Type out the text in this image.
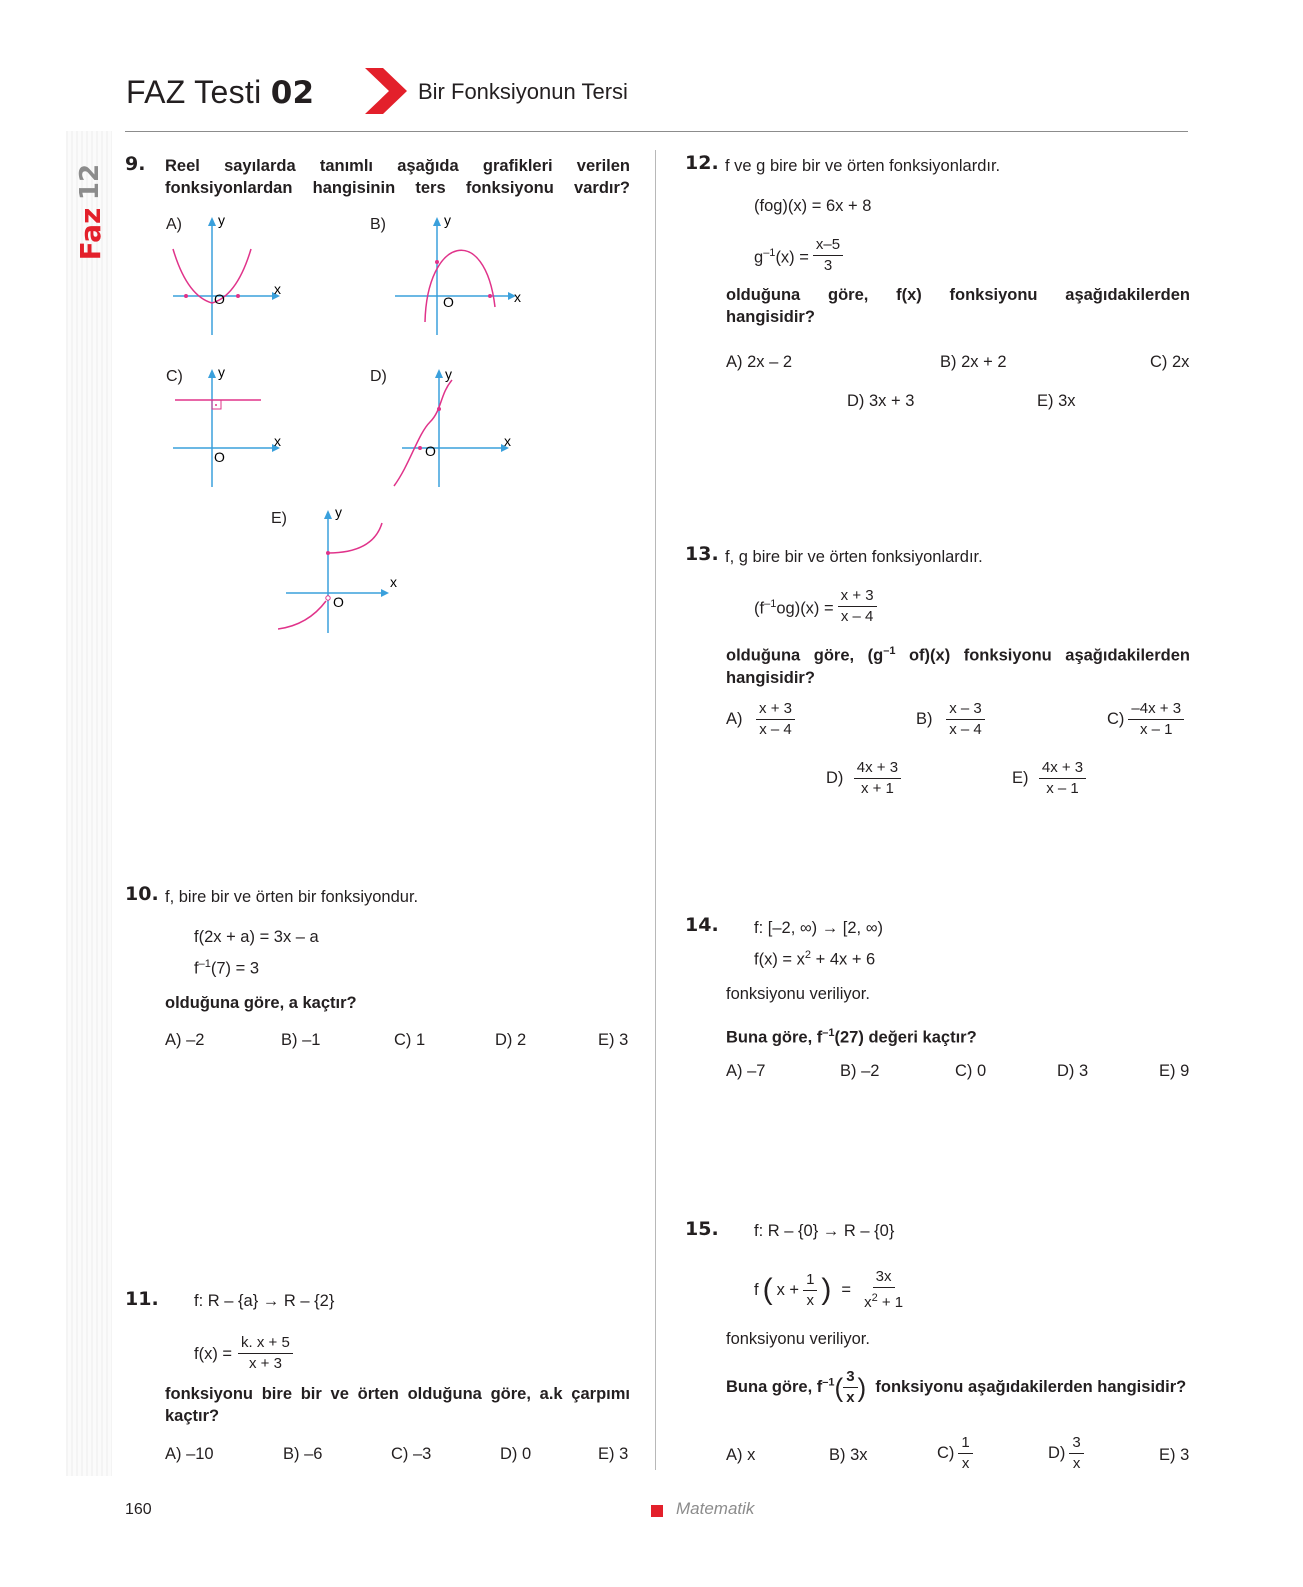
FAZ Testi 02	Bir Fonksiyonun Tersi
12
Faz
9. Reel sayılarda tanımlı aşağıda grafikleri verilen fonksiyonlardan hangisinin ters fonksiyonu vardır?
A)
x
y
O
B)
x
y
O
C)
x
y
O
D)
x
y
O
E)
x
y
O
10. f, bire bir ve örten bir fonksiyondur.
f(2x + a) = 3x – a
$f^{-1}(7) = 3$
olduğuna göre, a kaçtır?
A) –2	B) –1	C) 1	D) 2	E) 3
11. f: R – {a} → R – {2}
$f(x) = \frac{k. x + 5}{x + 3}$
fonksiyonu bire bir ve örten olduğuna göre, a.k çarpımı kaçtır?
A) –10	B) –6	C) –3	D) 0	E) 3
12. f ve g bire bir ve örten fonksiyonlardır.
(fog)(x) = 6x + 8
$g^{-1}(x) = \frac{x-5}{3}$
olduğuna göre, f(x) fonksiyonu aşağıdakilerden hangisidir?
A) 2x – 2	B) 2x + 2	C) 2x
D) 3x + 3	E) 3x
13. f, g bire bir ve örten fonksiyonlardır.
$(f^{-1}og)(x) = \frac{x + 3}{x - 4}$
olduğuna göre, ($g^{-1}$ of)(x) fonksiyonu aşağıdakilerden hangisidir?
$A) \frac{x + 3}{x - 4}$	$B) \frac{x - 3}{x - 4}$	$C) \frac{-4x + 3}{x - 1}$
$D) \frac{4x + 3}{x + 1}$	$E) \frac{4x + 3}{x - 1}$
14. f: [–2, ∞) → [2, ∞)
$f(x) = x^2 + 4x + 6$
fonksiyonu veriliyor.
Buna göre, $f^{-1}(27)$ değeri kaçtır?
A) –7	B) –2	C) 0	D) 3	E) 9
15. f: R – {0} → R – {0}
f ( $x + \frac{1}{x}$ ) = $\frac{3x}{x^2 + 1}$
fonksiyonu veriliyor.
Buna göre, $f^{-1}( \frac{3}{x}$ ) fonksiyonu aşağıdakilerden hangisidir?
A) x	B) 3x	$C) \frac{1}{x}$	$D) \frac{3}{x}$	E) 3
160	Matematik
